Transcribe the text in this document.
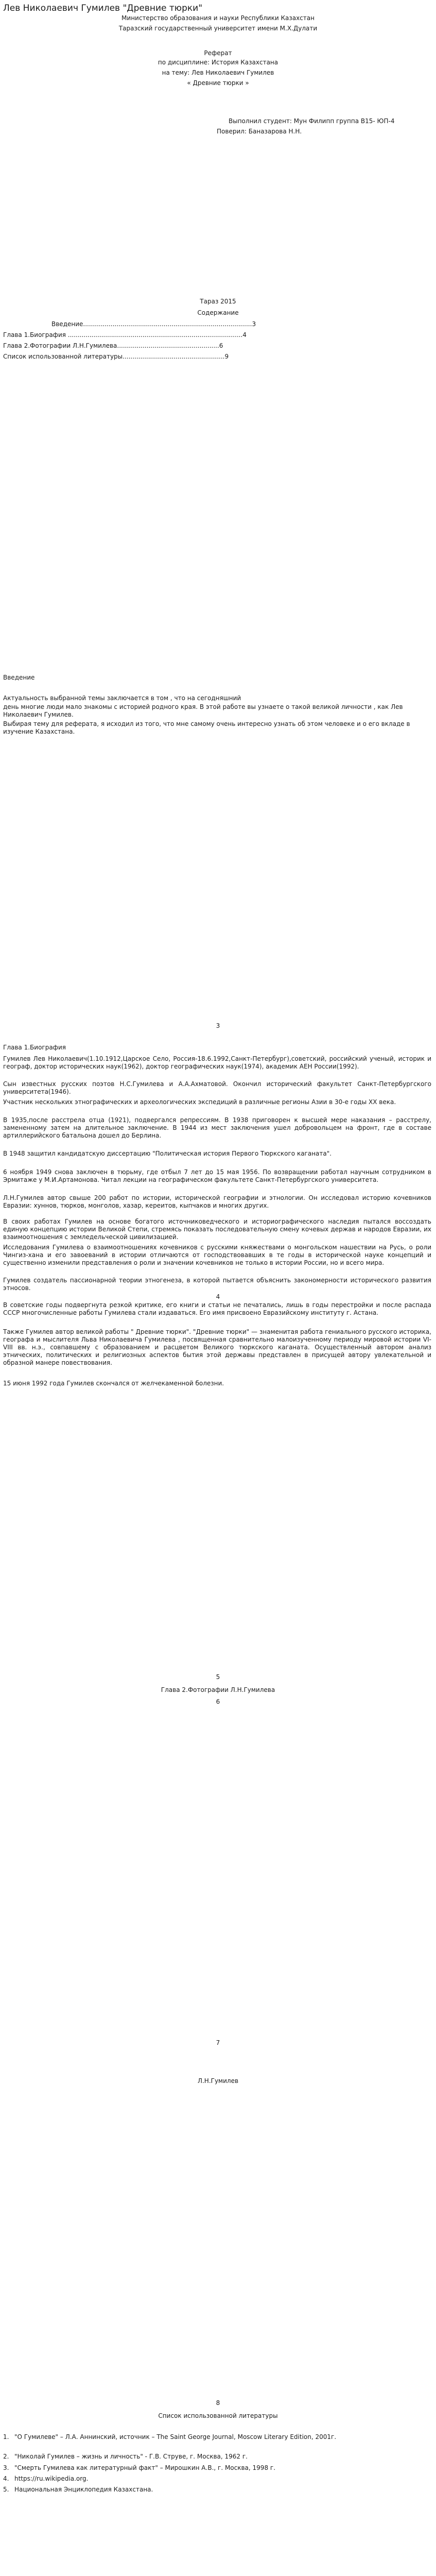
Лев Николаевич Гумилев "Древние тюрки"
Министерство образования и науки Республики Казахстан
Таразский государственный университет имени М.Х.Дулати
Реферат
по дисциплине: История Казахстана
на тему: Лев Николаевич Гумилев
« Древние тюрки »
Выполнил студент: Мун Филипп группа В15- ЮП-4
Поверил: Баназарова Н.Н.
Тараз 2015
Содержание
Введение......................................................................................3
Глава 1.Биография .........................................................................................4
Глава 2.Фотографии Л.Н.Гумилева....................................................6
Список использованной литературы....................................................9
Введение
Актуальность выбранной темы заключается в том , что на сегодняшний
день многие люди мало знакомы с историей родного края. В этой работе вы узнаете о такой великой личности , как Лев Николаевич Гумилев.
Выбирая тему для реферата, я исходил из того, что мне самому очень интересно узнать об этом человеке и о его вкладе в изучение Казахстана.
3
Глава 1.Биография
Гумилев Лев Николаевич(1.10.1912,Царское Село, Россия-18.6.1992,Санкт-Петербург),советский, российский ученый, историк и географ, доктор исторических наук(1962), доктор географических наук(1974), академик АЕН России(1992).
Сын известных русских поэтов Н.С.Гумилева и А.А.Ахматовой. Окончил исторический факультет Санкт-Петербургского университета(1946).
Участник нескольких этнографических и археологических экспедиций в различные регионы Азии в 30-е годы ХХ века.
В 1935,после расстрела отца (1921), подвергался репрессиям. В 1938 приговорен к высшей мере наказания – расстрелу, замененному затем на длительное заключение. В 1944 из мест заключения ушел добровольцем на фронт, где в составе артиллерийского батальона дошел до Берлина.
В 1948 защитил кандидатскую диссертацию "Политическая история Первого Тюркского каганата".
6 ноября 1949 снова заключен в тюрьму, где отбыл 7 лет до 15 мая 1956. По возвращении работал научным сотрудником в Эрмитаже у М.И.Артамонова. Читал лекции на географическом факультете Санкт-Петербургского университета.
Л.Н.Гумилев автор свыше 200 работ по истории, исторической географии и этнологии. Он исследовал историю кочевников Евразии: хуннов, тюрков, монголов, хазар, кереитов, кыпчаков и многих других.
В своих работах Гумилев на основе богатого источниковедческого и историографического наследия пытался воссоздать единую концепцию истории Великой Степи, стремясь показать последовательную смену кочевых держав и народов Евразии, их взаимоотношения с земледельческой цивилизацией.
Исследования Гумилева о взаимоотношениях кочевников с русскими княжествами о монгольском нашествии на Русь, о роли Чингиз-хана и его завоеваний в истории отличаются от господствовавших в те годы в исторической науке концепций и существенно изменили представления о роли и значении кочевников не только в истории России, но и всего мира.
Гумилев создатель пассионарной теории этногенеза, в которой пытается объяснить закономерности исторического развития этносов.
4
В советские годы подвергнута резкой критике, его книги и статьи не печатались, лишь в годы перестройки и после распада СССР многочисленные работы Гумилева стали издаваться. Его имя присвоено Евразийскому институту г. Астана.
Также Гумилев автор великой работы " Древние тюрки". "Древние тюрки" — знаменитая работа гениального русского историка, географа и мыслителя Льва Николаевича Гумилева , посвященная сравнительно малоизученному периоду мировой истории VI-VIII вв. н.э., совпавшему с образованием и расцветом Великого тюркского каганата. Осуществленный автором анализ этнических, политических и религиозных аспектов бытия этой державы представлен в присущей автору увлекательной и образной манере повествования.
15 июня 1992 года Гумилев скончался от желчекаменной болезни.
5
Глава 2.Фотографии Л.Н.Гумилева
6
7
Л.Н.Гумилев
8
Список использованной литературы
1. "О Гумилеве" – Л.А. Аннинский, источник – The Saint George Journal, Moscow Literary Edition, 2001г.
2. "Николай Гумилев – жизнь и личность" - Г.В. Струве, г. Москва, 1962 г.
3. "Смерть Гумилева как литературный факт" – Мирошкин А.В., г. Москва, 1998 г.
4. https://ru.wikipedia.org.
5. Национальная Энциклопедия Казахстана.
